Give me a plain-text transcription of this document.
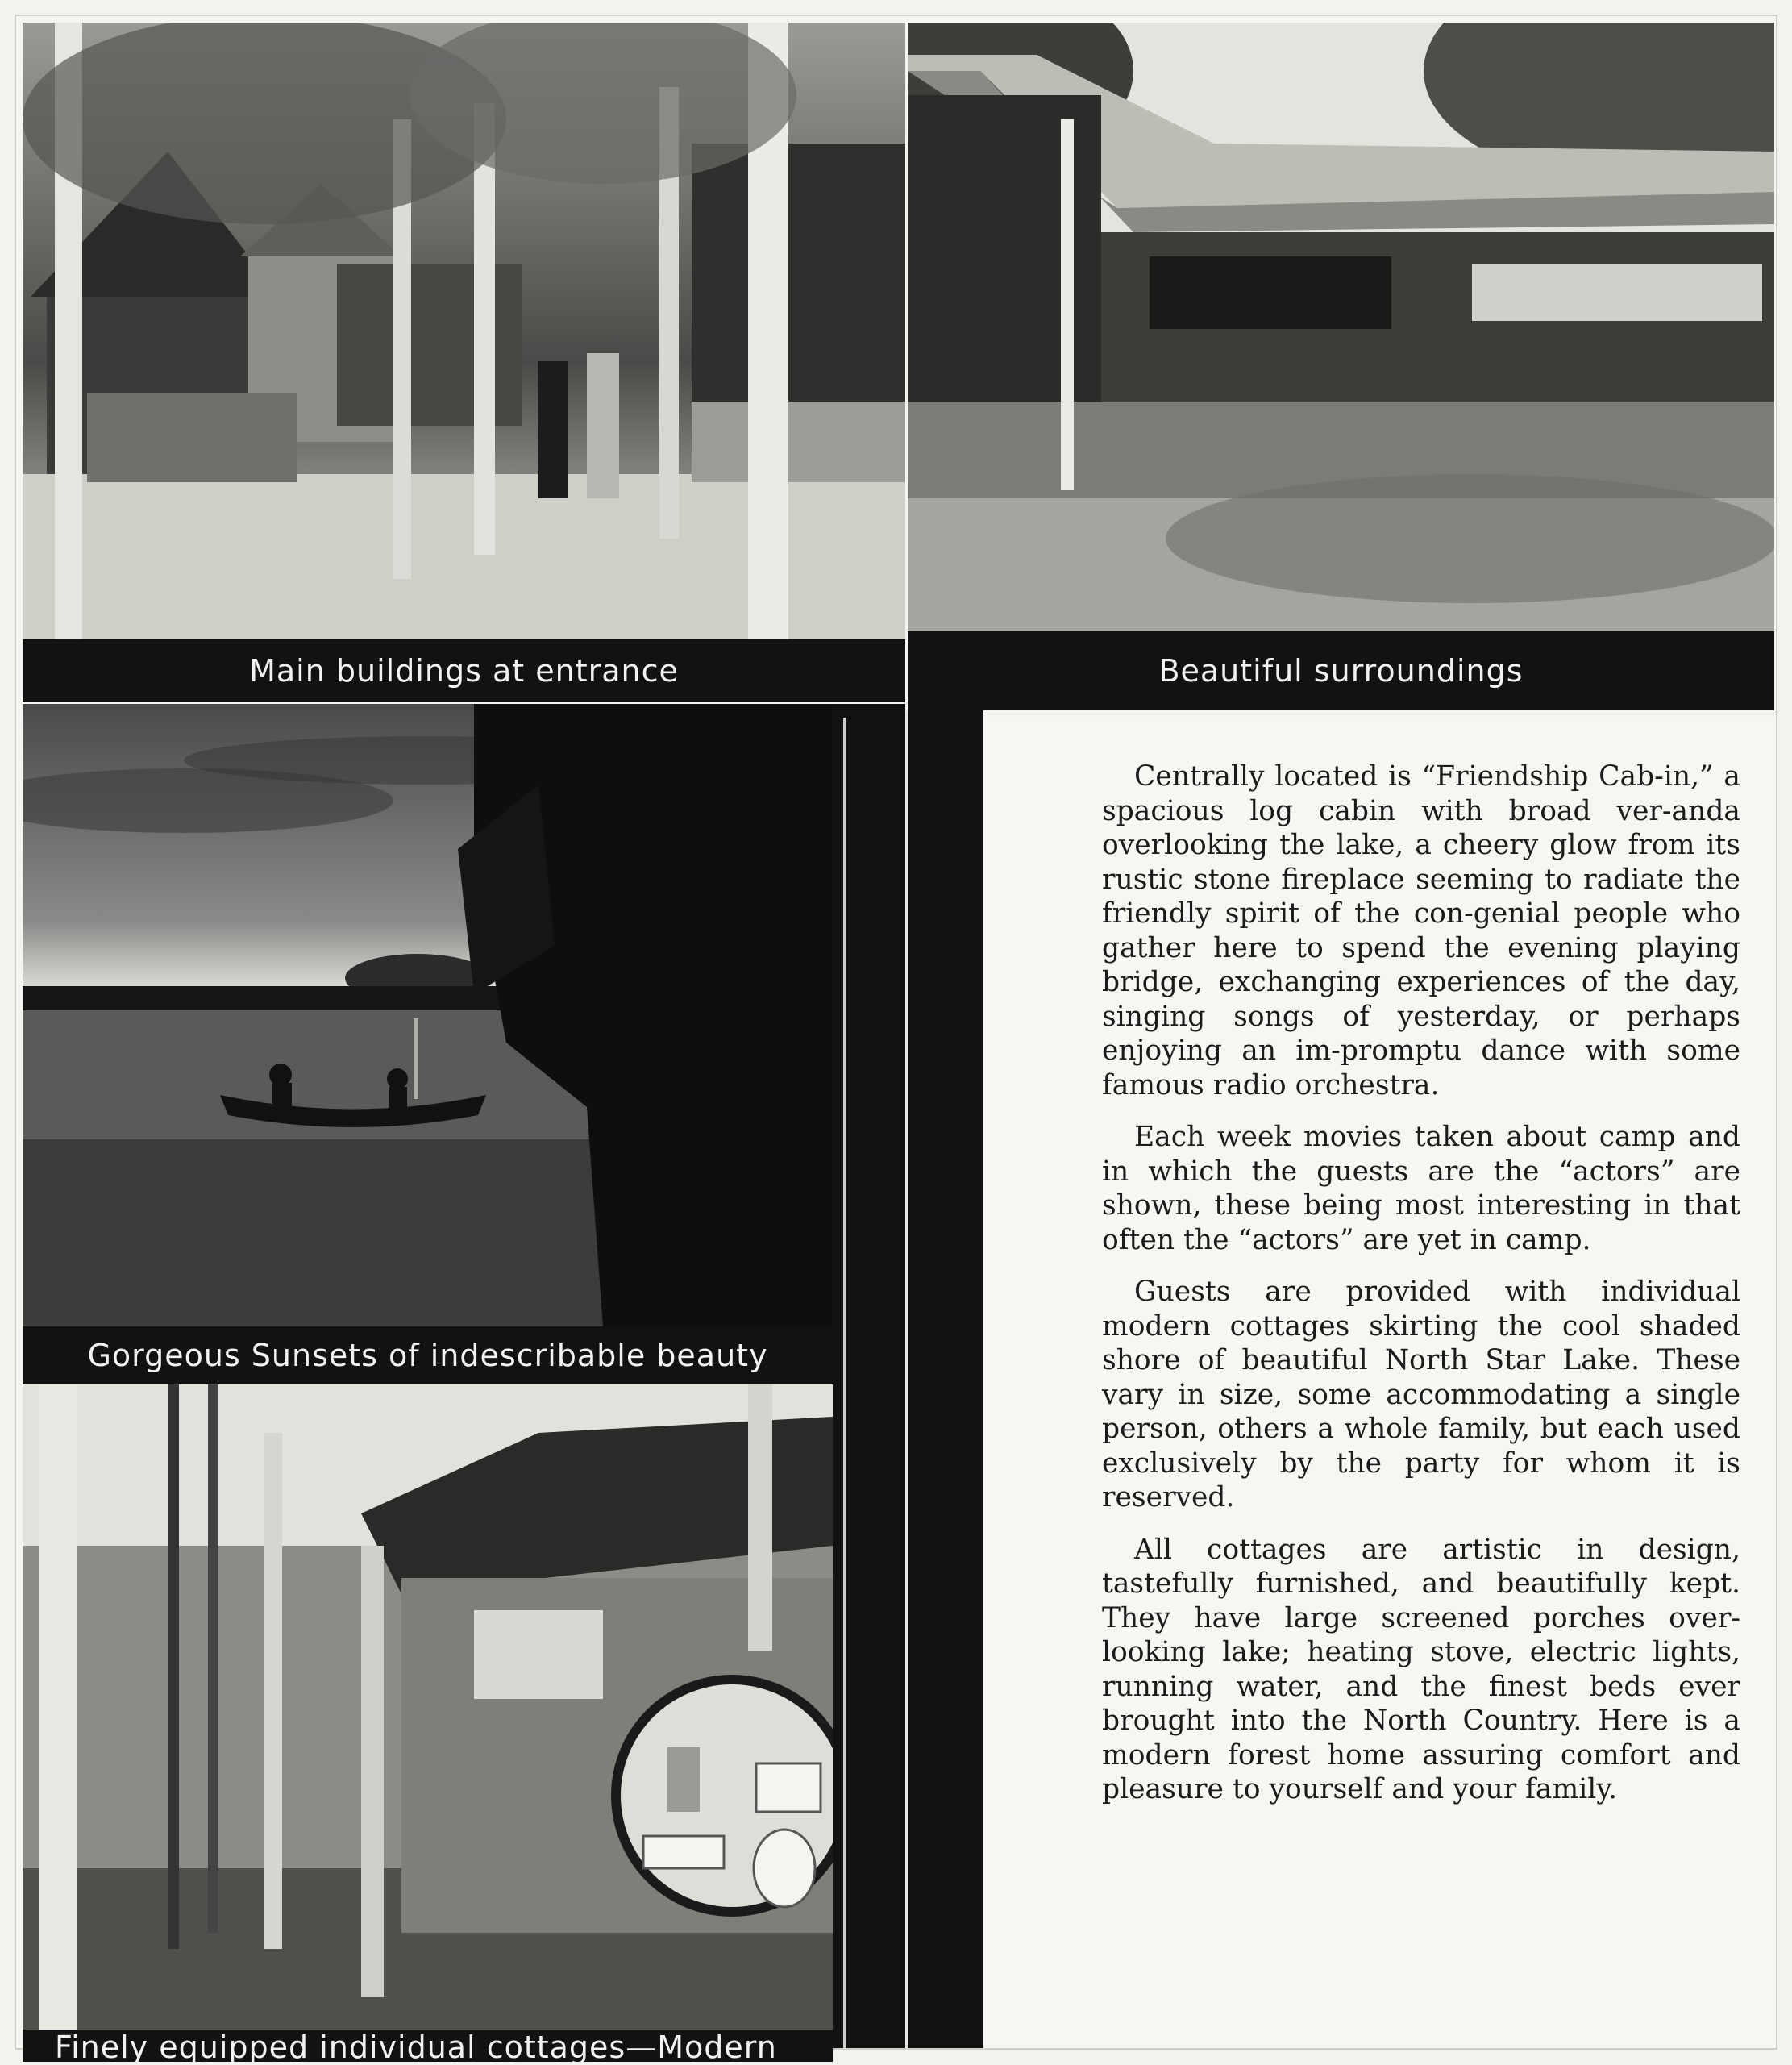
Main buildings at entrance	Beautiful surroundings
Gorgeous Sunsets of indescribable beauty
Finely equipped individual cottages—Modern

Centrally located is “Friendship Cab-in,” a spacious log cabin with broad ver-anda overlooking the lake, a cheery glow from its rustic stone fireplace seeming to radiate the friendly spirit of the con-genial people who gather here to spend the evening playing bridge, exchanging experiences of the day, singing songs of yesterday, or perhaps enjoying an im-promptu dance with some famous radio orchestra.

Each week movies taken about camp and in which the guests are the “actors” are shown, these being most interesting in that often the “actors” are yet in camp.

Guests are provided with individual modern cottages skirting the cool shaded shore of beautiful North Star Lake. These vary in size, some accommodating a single person, others a whole family, but each used exclusively by the party for whom it is reserved.

All cottages are artistic in design, tastefully furnished, and beautifully kept. They have large screened porches over-looking lake; heating stove, electric lights, running water, and the finest beds ever brought into the North Country. Here is a modern forest home assuring comfort and pleasure to yourself and your family.
